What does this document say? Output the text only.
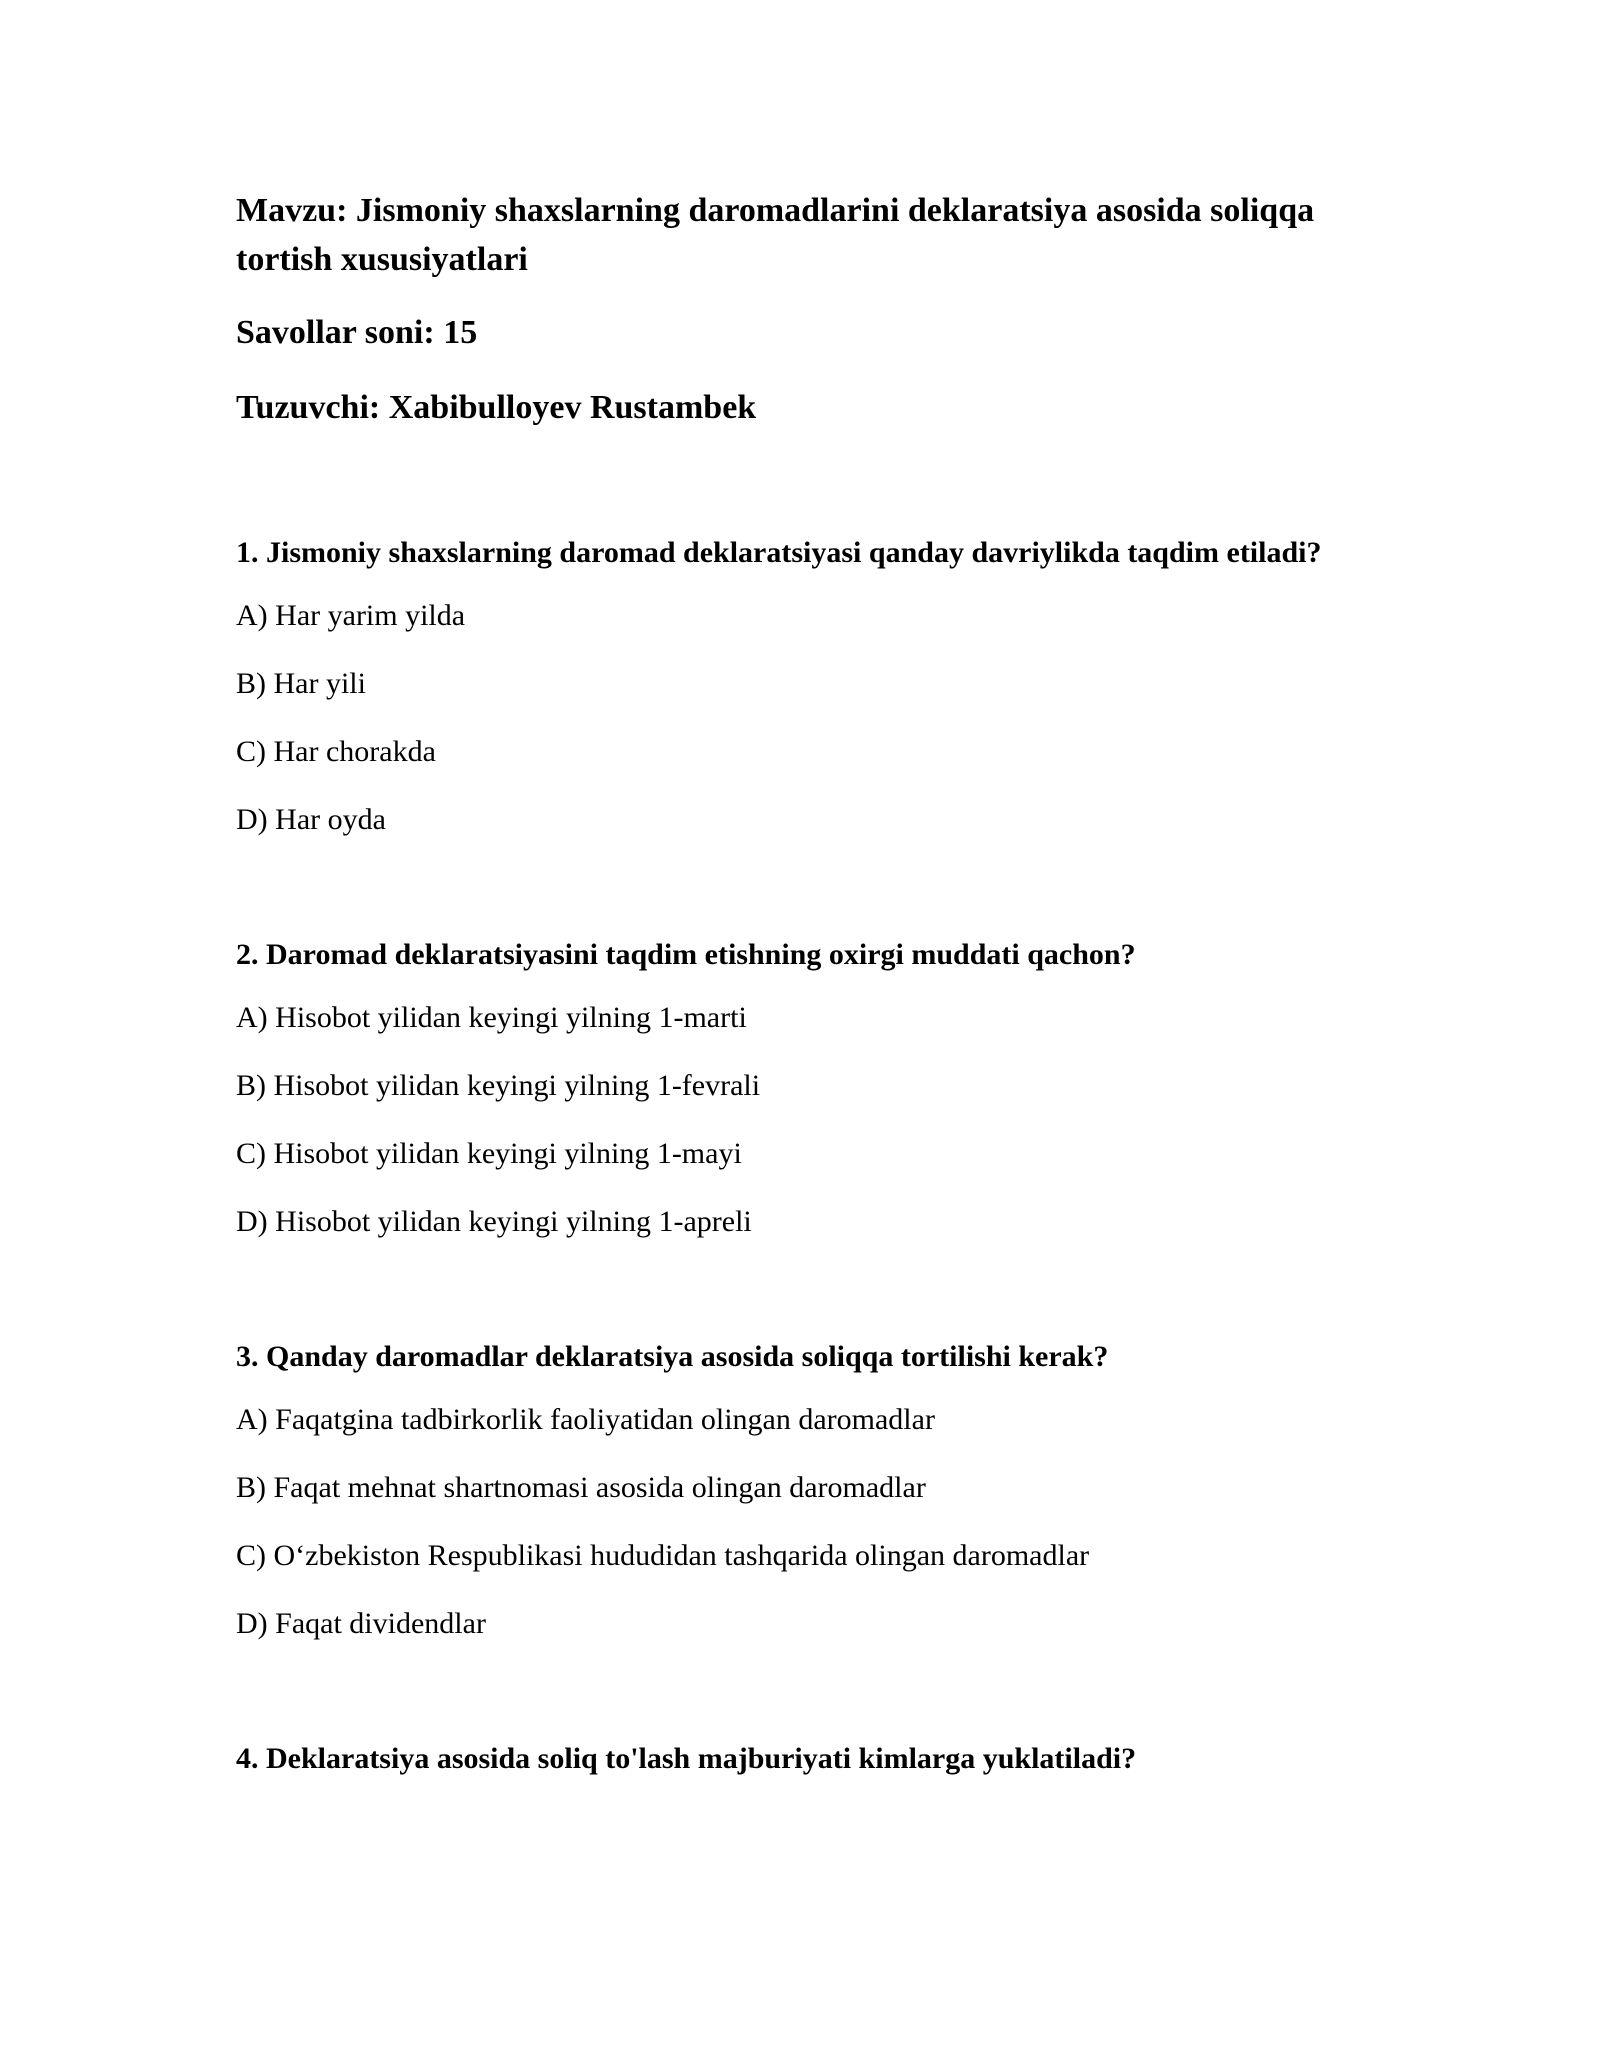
Mavzu: Jismoniy shaxslarning daromadlarini deklaratsiya asosida soliqqa tortish xususiyatlari

Savollar soni: 15

Tuzuvchi: Xabibulloyev Rustambek

1. Jismoniy shaxslarning daromad deklaratsiyasi qanday davriylikda taqdim etiladi?

A) Har yarim yilda

B) Har yili

C) Har chorakda

D) Har oyda

2. Daromad deklaratsiyasini taqdim etishning oxirgi muddati qachon?

A) Hisobot yilidan keyingi yilning 1-marti

B) Hisobot yilidan keyingi yilning 1-fevrali

C) Hisobot yilidan keyingi yilning 1-mayi

D) Hisobot yilidan keyingi yilning 1-apreli

3. Qanday daromadlar deklaratsiya asosida soliqqa tortilishi kerak?

A) Faqatgina tadbirkorlik faoliyatidan olingan daromadlar

B) Faqat mehnat shartnomasi asosida olingan daromadlar

C) O‘zbekiston Respublikasi hududidan tashqarida olingan daromadlar

D) Faqat dividendlar

4. Deklaratsiya asosida soliq to'lash majburiyati kimlarga yuklatiladi?
